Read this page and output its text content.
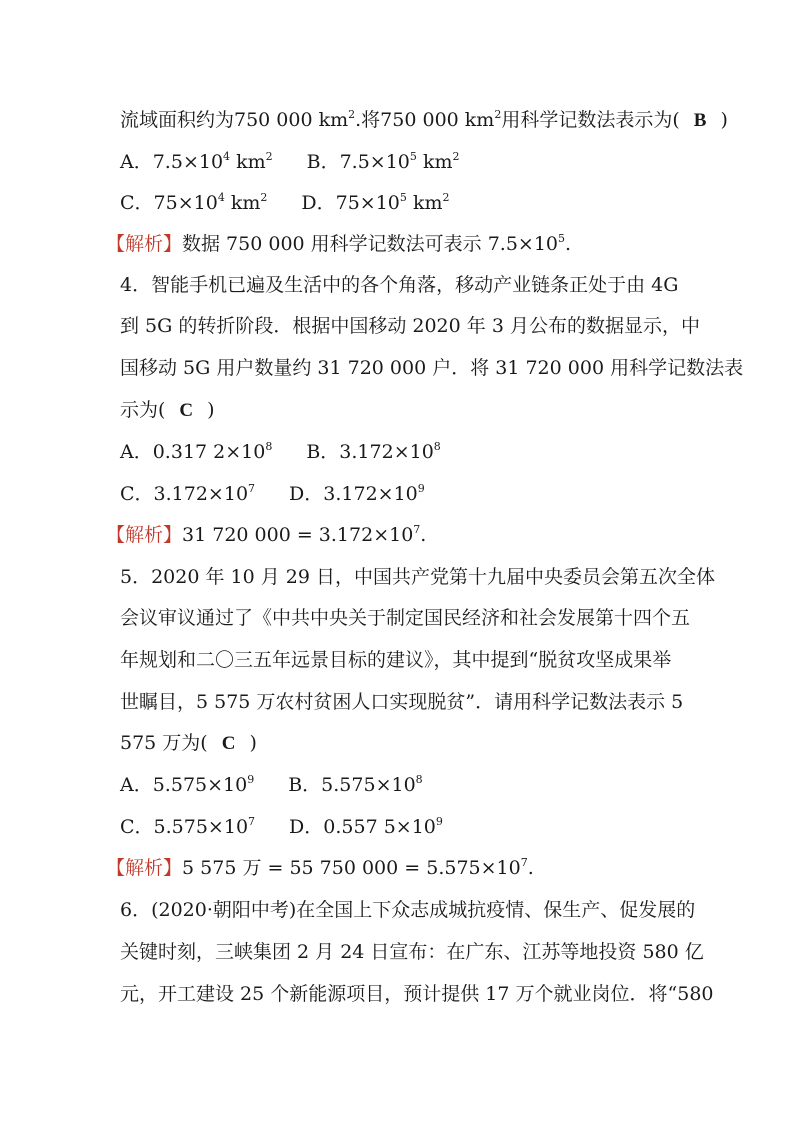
流域面积约为750 000 $km^2$.将750 000 $km^2$用科学记数法表示为( B )
A．$7.5\times 10^4$ $km^2$ B．$7.5\times 10^5$ $km^2$
C．$75\times 10^4$ $km^2$ D．$75\times 10^5$ $km^2$
【解析】数据 750 000 用科学记数法可表示 $7.5\times 10^5$.
4．智能手机已遍及生活中的各个角落，移动产业链条正处于由 4G
到 5G 的转折阶段．根据中国移动 2020 年 3 月公布的数据显示，中
国移动 5G 用户数量约 31 720 000 户．将 31 720 000 用科学记数法表
示为( C )
A．0.317 $2\times 10^8$ B．$3.172\times 10^8$
C．$3.172\times 10^7$ D．$3.172\times 10^9$
【解析】31 720 $000 = 3.172\times 10^7$.
5．2020 年 10 月 29 日，中国共产党第十九届中央委员会第五次全体
会议审议通过了《中共中央关于制定国民经济和社会发展第十四个五
年规划和二〇三五年远景目标的建议》，其中提到“脱贫攻坚成果举
世瞩目，5 575 万农村贫困人口实现脱贫”．请用科学记数法表示 5
575 万为( C )
A．$5.575\times 10^9$ B．$5.575\times 10^8$
C．$5.575\times 10^7$ D．0.557 $5\times 10^9$
【解析】5 575 万 = 55 750 $000 = 5.575\times 10^7$.
6．(2020·朝阳中考)在全国上下众志成城抗疫情、保生产、促发展的
关键时刻，三峡集团 2 月 24 日宣布：在广东、江苏等地投资 580 亿
元，开工建设 25 个新能源项目，预计提供 17 万个就业岗位．将“580
